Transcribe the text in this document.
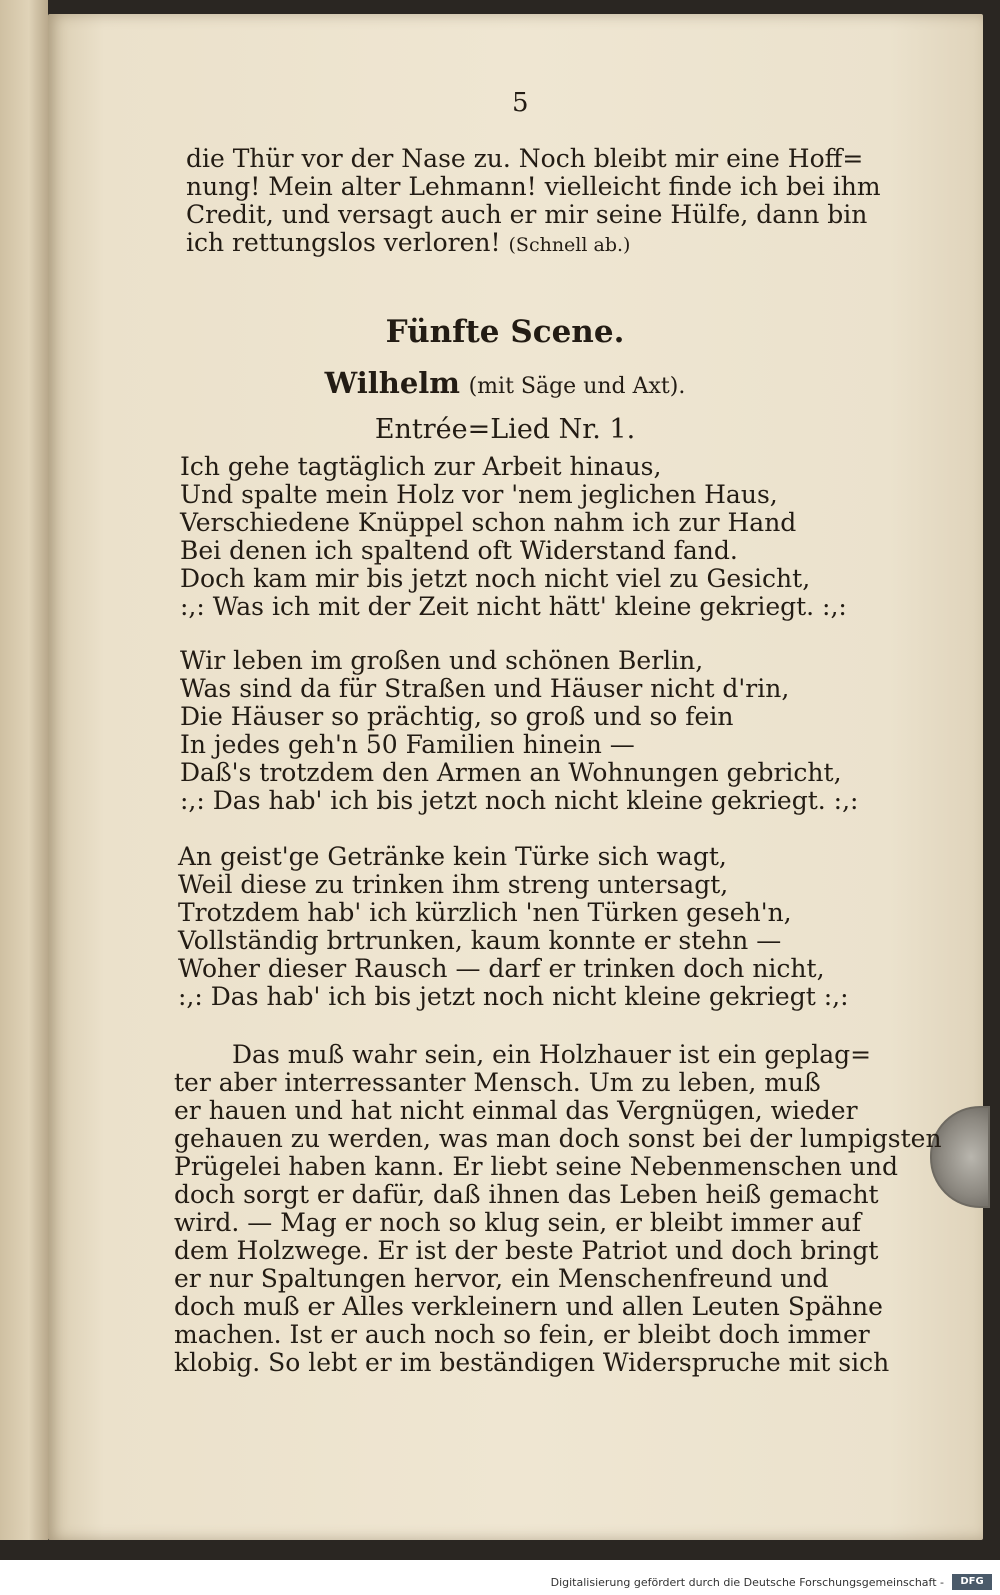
5
die Thür vor der Nase zu. Noch bleibt mir eine Hoff=
nung! Mein alter Lehmann! vielleicht finde ich bei ihm
Credit, und versagt auch er mir seine Hülfe, dann bin
ich rettungslos verloren! (Schnell ab.)
Fünfte Scene.
Wilhelm (mit Säge und Axt).
Entrée=Lied Nr. 1.
Ich gehe tagtäglich zur Arbeit hinaus,
Und spalte mein Holz vor 'nem jeglichen Haus,
Verschiedene Knüppel schon nahm ich zur Hand
Bei denen ich spaltend oft Widerstand fand.
Doch kam mir bis jetzt noch nicht viel zu Gesicht,
:,: Was ich mit der Zeit nicht hätt' kleine gekriegt. :,:
Wir leben im großen und schönen Berlin,
Was sind da für Straßen und Häuser nicht d'rin,
Die Häuser so prächtig, so groß und so fein
In jedes geh'n 50 Familien hinein —
Daß's trotzdem den Armen an Wohnungen gebricht,
:,: Das hab' ich bis jetzt noch nicht kleine gekriegt. :,:
An geist'ge Getränke kein Türke sich wagt,
Weil diese zu trinken ihm streng untersagt,
Trotzdem hab' ich kürzlich 'nen Türken geseh'n,
Vollständig brtrunken, kaum konnte er stehn —
Woher dieser Rausch — darf er trinken doch nicht,
:,: Das hab' ich bis jetzt noch nicht kleine gekriegt :,:
Das muß wahr sein, ein Holzhauer ist ein geplag=
ter aber interressanter Mensch. Um zu leben, muß
er hauen und hat nicht einmal das Vergnügen, wieder
gehauen zu werden, was man doch sonst bei der lumpigsten
Prügelei haben kann. Er liebt seine Nebenmenschen und
doch sorgt er dafür, daß ihnen das Leben heiß gemacht
wird. — Mag er noch so klug sein, er bleibt immer auf
dem Holzwege. Er ist der beste Patriot und doch bringt
er nur Spaltungen hervor, ein Menschenfreund und
doch muß er Alles verkleinern und allen Leuten Spähne
machen. Ist er auch noch so fein, er bleibt doch immer
klobig. So lebt er im beständigen Widerspruche mit sich
Digitalisierung gefördert durch die Deutsche Forschungsgemeinschaft -	DFG
